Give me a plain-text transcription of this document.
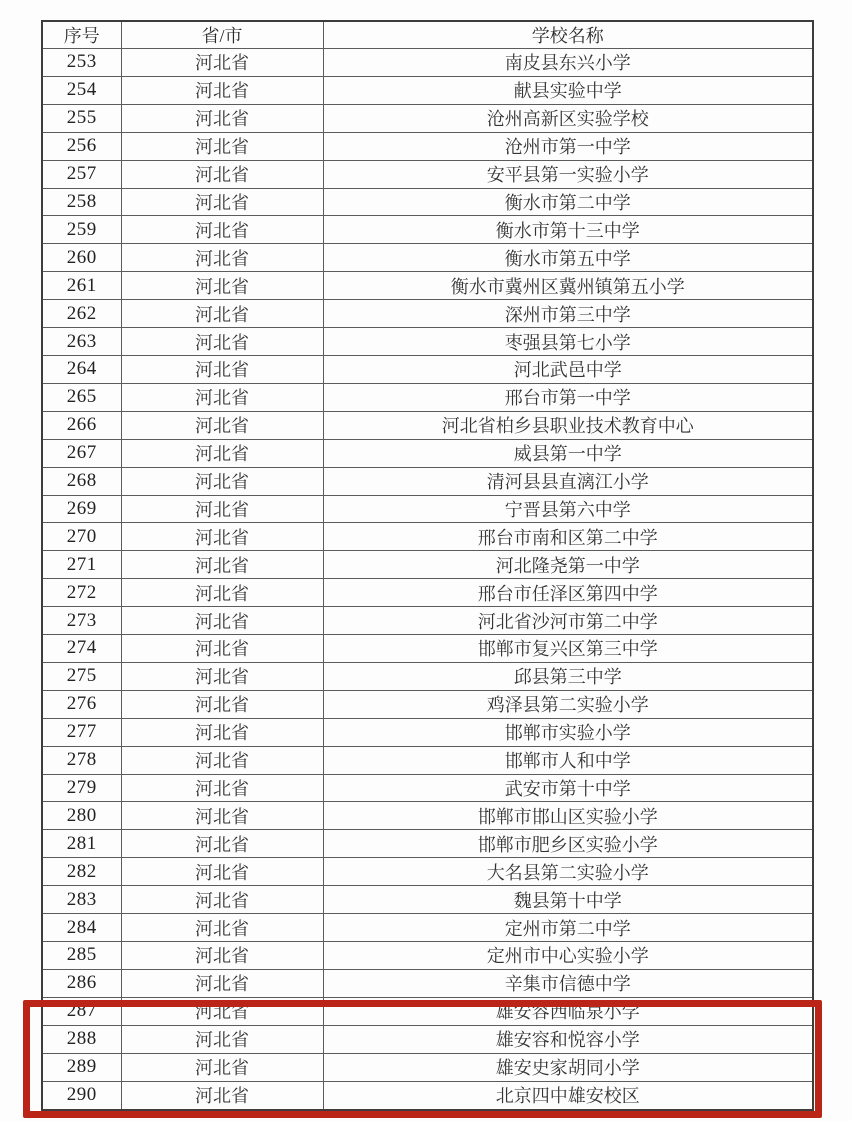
序号	省/市	学校名称
253	河北省	南皮县东兴小学
254	河北省	献县实验中学
255	河北省	沧州高新区实验学校
256	河北省	沧州市第一中学
257	河北省	安平县第一实验小学
258	河北省	衡水市第二中学
259	河北省	衡水市第十三中学
260	河北省	衡水市第五中学
261	河北省	衡水市冀州区冀州镇第五小学
262	河北省	深州市第三中学
263	河北省	枣强县第七小学
264	河北省	河北武邑中学
265	河北省	邢台市第一中学
266	河北省	河北省柏乡县职业技术教育中心
267	河北省	威县第一中学
268	河北省	清河县县直漓江小学
269	河北省	宁晋县第六中学
270	河北省	邢台市南和区第二中学
271	河北省	河北隆尧第一中学
272	河北省	邢台市任泽区第四中学
273	河北省	河北省沙河市第二中学
274	河北省	邯郸市复兴区第三中学
275	河北省	邱县第三中学
276	河北省	鸡泽县第二实验小学
277	河北省	邯郸市实验小学
278	河北省	邯郸市人和中学
279	河北省	武安市第十中学
280	河北省	邯郸市邯山区实验小学
281	河北省	邯郸市肥乡区实验小学
282	河北省	大名县第二实验小学
283	河北省	魏县第十中学
284	河北省	定州市第二中学
285	河北省	定州市中心实验小学
286	河北省	辛集市信德中学
287	河北省	雄安容西临泉小学
288	河北省	雄安容和悦容小学
289	河北省	雄安史家胡同小学
290	河北省	北京四中雄安校区
